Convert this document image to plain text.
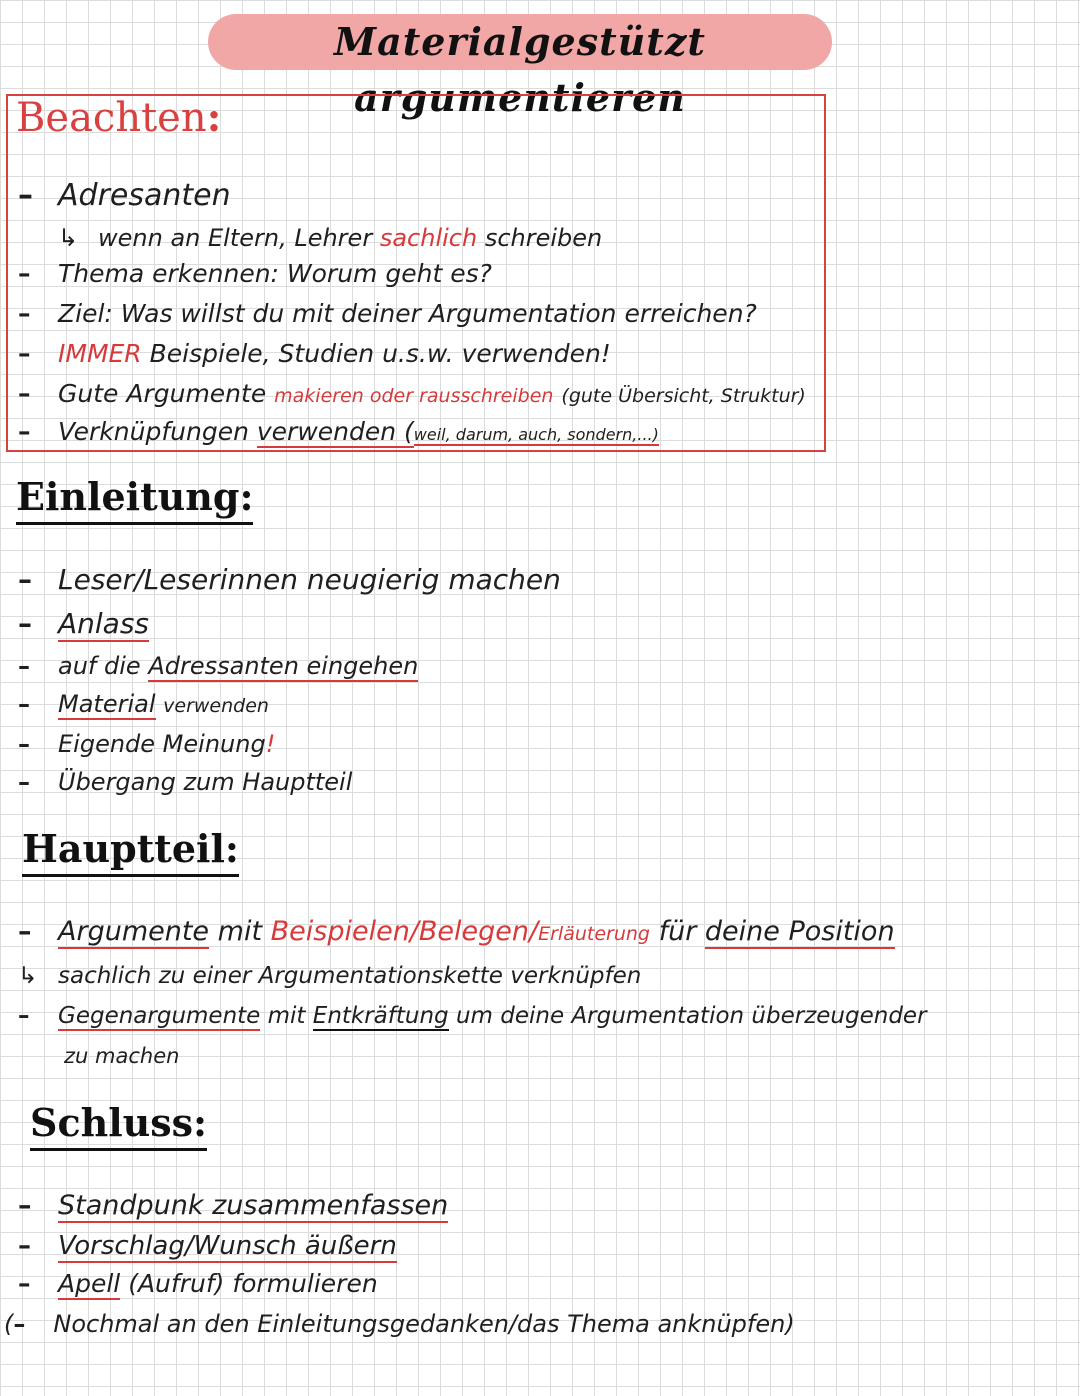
Materialgestützt argumentieren
Beachten:
– Adresanten
↳ wenn an Eltern, Lehrer sachlich schreiben
– Thema erkennen: Worum geht es?
– Ziel: Was willst du mit deiner Argumentation erreichen?
– IMMER Beispiele, Studien u.s.w. verwenden!
– Gute Argumente makieren oder rausschreiben (gute Übersicht, Struktur)
– Verknüpfungen verwenden (weil, darum, auch, sondern,...)
Einleitung:
– Leser/Leserinnen neugierig machen
– Anlass
– auf die Adressanten eingehen
– Material verwenden
– Eigende Meinung!
– Übergang zum Hauptteil
Hauptteil:
– Argumente mit Beispielen/Belegen/Erläuterung für deine Position
↳ sachlich zu einer Argumentationskette verknüpfen
– Gegenargumente mit Entkräftung um deine Argumentation überzeugender
zu machen
Schluss:
– Standpunk zusammenfassen
– Vorschlag/Wunsch äußern
– Apell (Aufruf) formulieren
(– Nochmal an den Einleitungsgedanken/das Thema anknüpfen)
